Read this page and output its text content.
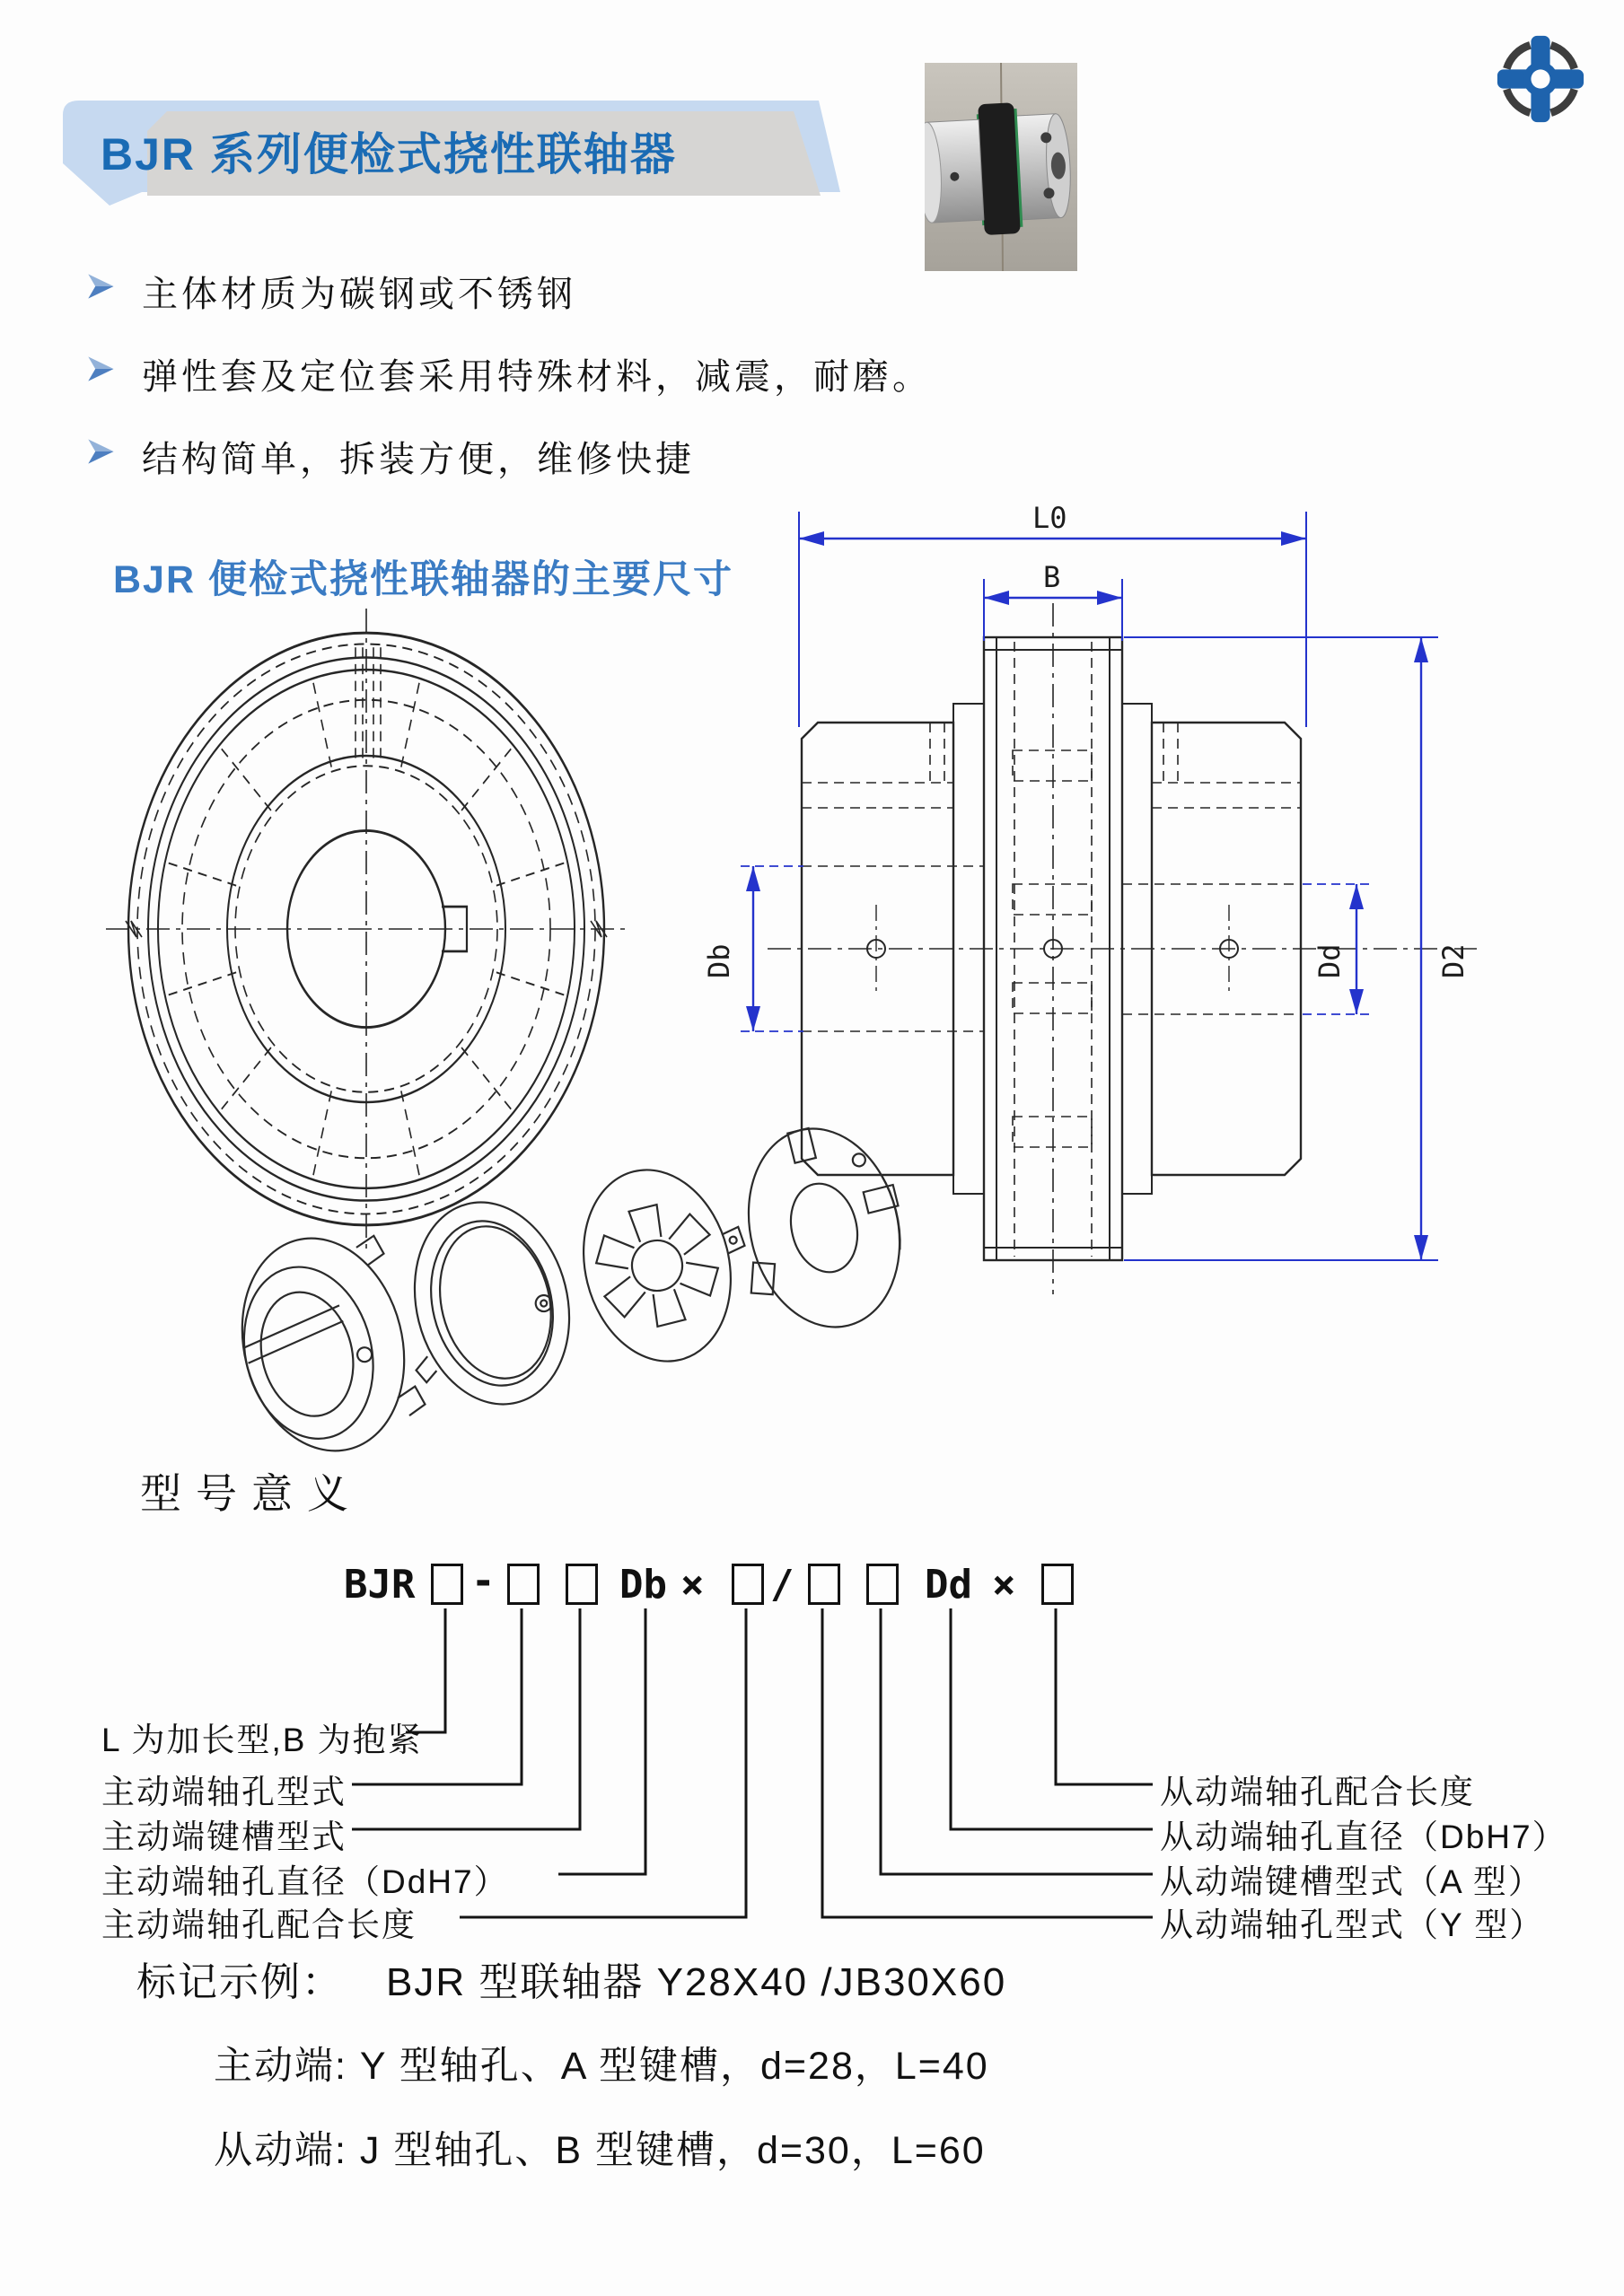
BJR 系列便检式挠性联轴器
主体材质为碳钢或不锈钢
弹性套及定位套采用特殊材料，减震，耐磨。
结构简单，拆装方便，维修快捷
BJR 便检式挠性联轴器的主要尺寸
L0
B
Db	Dd	D2
型号意义
BJR -	Db × /	Dd ×
L 为加长型,B 为抱紧
主动端轴孔型式
主动端键槽型式
主动端轴孔直径（DdH7）
主动端轴孔配合长度
从动端轴孔配合长度
从动端轴孔直径（DbH7）
从动端键槽型式（A 型）
从动端轴孔型式（Y 型）
标记示例： BJR 型联轴器 Y28X40 /JB30X60
主动端: Y 型轴孔、A 型键槽，d=28，L=40
从动端: J 型轴孔、B 型键槽，d=30，L=60
